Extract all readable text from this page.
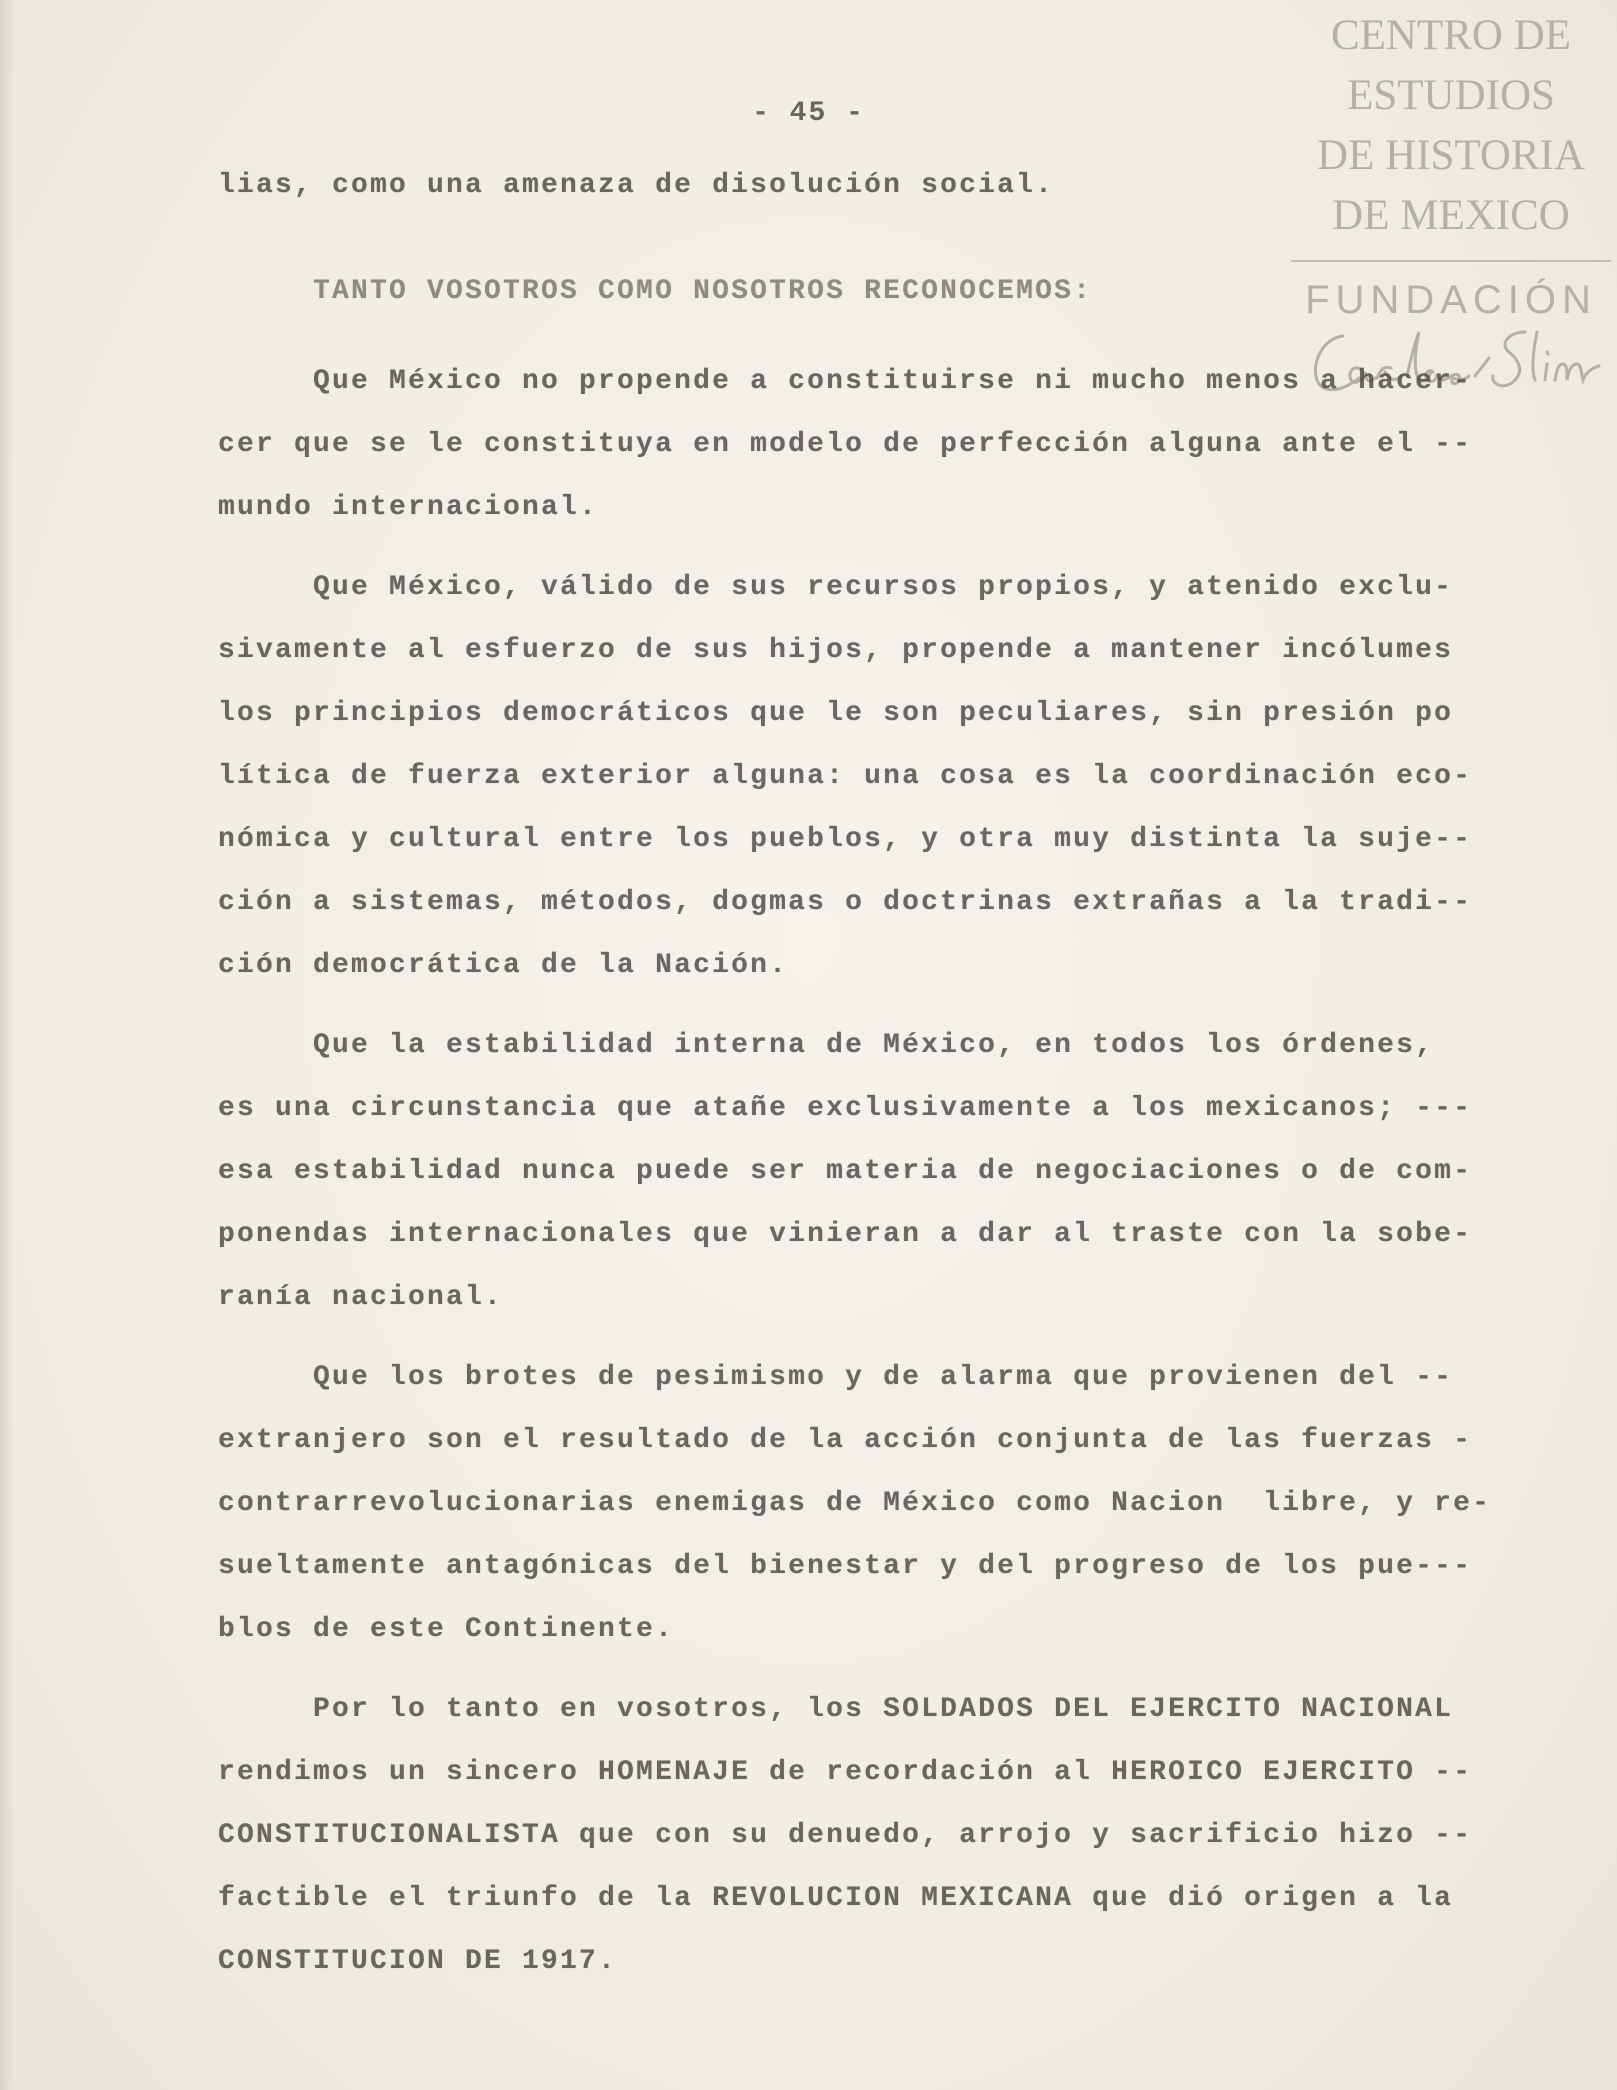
CENTRO DE
ESTUDIOS
DE HISTORIA
DE MEXICO
FUNDACIÓN
- 45 -
lias, como una amenaza de disolución social.
TANTO VOSOTROS COMO NOSOTROS RECONOCEMOS:
Que México no propende a constituirse ni mucho menos a hacer-
cer que se le constituya en modelo de perfección alguna ante el --
mundo internacional.
Que México, válido de sus recursos propios, y atenido exclu-
sivamente al esfuerzo de sus hijos, propende a mantener incólumes
los principios democráticos que le son peculiares, sin presión po
lítica de fuerza exterior alguna: una cosa es la coordinación eco-
nómica y cultural entre los pueblos, y otra muy distinta la suje--
ción a sistemas, métodos, dogmas o doctrinas extrañas a la tradi--
ción democrática de la Nación.
Que la estabilidad interna de México, en todos los órdenes,
es una circunstancia que atañe exclusivamente a los mexicanos; ---
esa estabilidad nunca puede ser materia de negociaciones o de com-
ponendas internacionales que vinieran a dar al traste con la sobe-
ranía nacional.
Que los brotes de pesimismo y de alarma que provienen del --
extranjero son el resultado de la acción conjunta de las fuerzas -
contrarrevolucionarias enemigas de México como Nacion  libre, y re-
sueltamente antagónicas del bienestar y del progreso de los pue---
blos de este Continente.
Por lo tanto en vosotros, los SOLDADOS DEL EJERCITO NACIONAL
rendimos un sincero HOMENAJE de recordación al HEROICO EJERCITO --
CONSTITUCIONALISTA que con su denuedo, arrojo y sacrificio hizo --
factible el triunfo de la REVOLUCION MEXICANA que dió origen a la
CONSTITUCION DE 1917.
